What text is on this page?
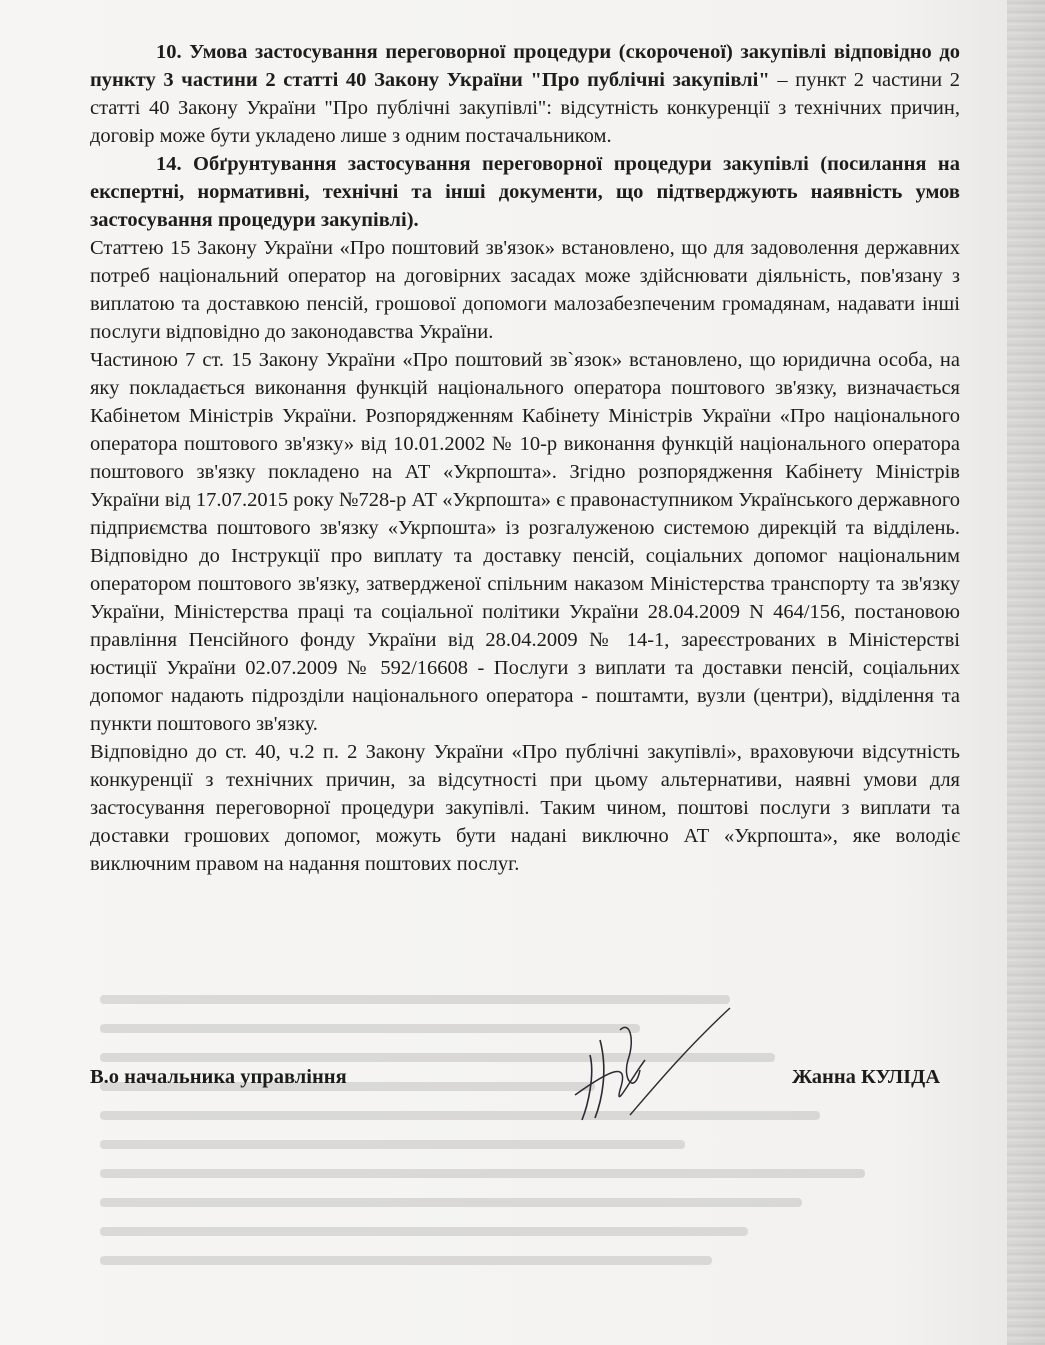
10. Умова застосування переговорної процедури (скороченої) закупівлі відповідно до пункту 3 частини 2 статті 40 Закону України "Про публічні закупівлі" – пункт 2 частини 2 статті 40 Закону України "Про публічні закупівлі": відсутність конкуренції з технічних причин, договір може бути укладено лише з одним постачальником.

14. Обґрунтування застосування переговорної процедури закупівлі (посилання на експертні, нормативні, технічні та інші документи, що підтверджують наявність умов застосування процедури закупівлі).

Статтею 15 Закону України «Про поштовий зв'язок» встановлено, що для задоволення державних потреб національний оператор на договірних засадах може здійснювати діяльність, пов'язану з виплатою та доставкою пенсій, грошової допомоги малозабезпеченим громадянам, надавати інші послуги відповідно до законодавства України.

Частиною 7 ст. 15 Закону України «Про поштовий зв`язок» встановлено, що юридична особа, на яку покладається виконання функцій національного оператора поштового зв'язку, визначається Кабінетом Міністрів України. Розпорядженням Кабінету Міністрів України «Про національного оператора поштового зв'язку» від 10.01.2002 № 10-р виконання функцій національного оператора поштового зв'язку покладено на АТ «Укрпошта». Згідно розпорядження Кабінету Міністрів України від 17.07.2015 року №728-р АТ «Укрпошта» є правонаступником Українського державного підприємства поштового зв'язку «Укрпошта» із розгалуженою системою дирекцій та відділень. Відповідно до Інструкції про виплату та доставку пенсій, соціальних допомог національним оператором поштового зв'язку, затвердженої спільним наказом Міністерства транспорту та зв'язку України, Міністерства праці та соціальної політики України 28.04.2009 N 464/156, постановою правління Пенсійного фонду України від 28.04.2009 № 14-1, зареєстрованих в Міністерстві юстиції України 02.07.2009 № 592/16608 - Послуги з виплати та доставки пенсій, соціальних допомог надають підрозділи національного оператора - поштамти, вузли (центри), відділення та пункти поштового зв'язку.

Відповідно до ст. 40, ч.2 п. 2 Закону України «Про публічні закупівлі», враховуючи відсутність конкуренції з технічних причин, за відсутності при цьому альтернативи, наявні умови для застосування переговорної процедури закупівлі. Таким чином, поштові послуги з виплати та доставки грошових допомог, можуть бути надані виключно АТ «Укрпошта», яке володіє виключним правом на надання поштових послуг.

В.о начальника управління	Жанна КУЛІДА
